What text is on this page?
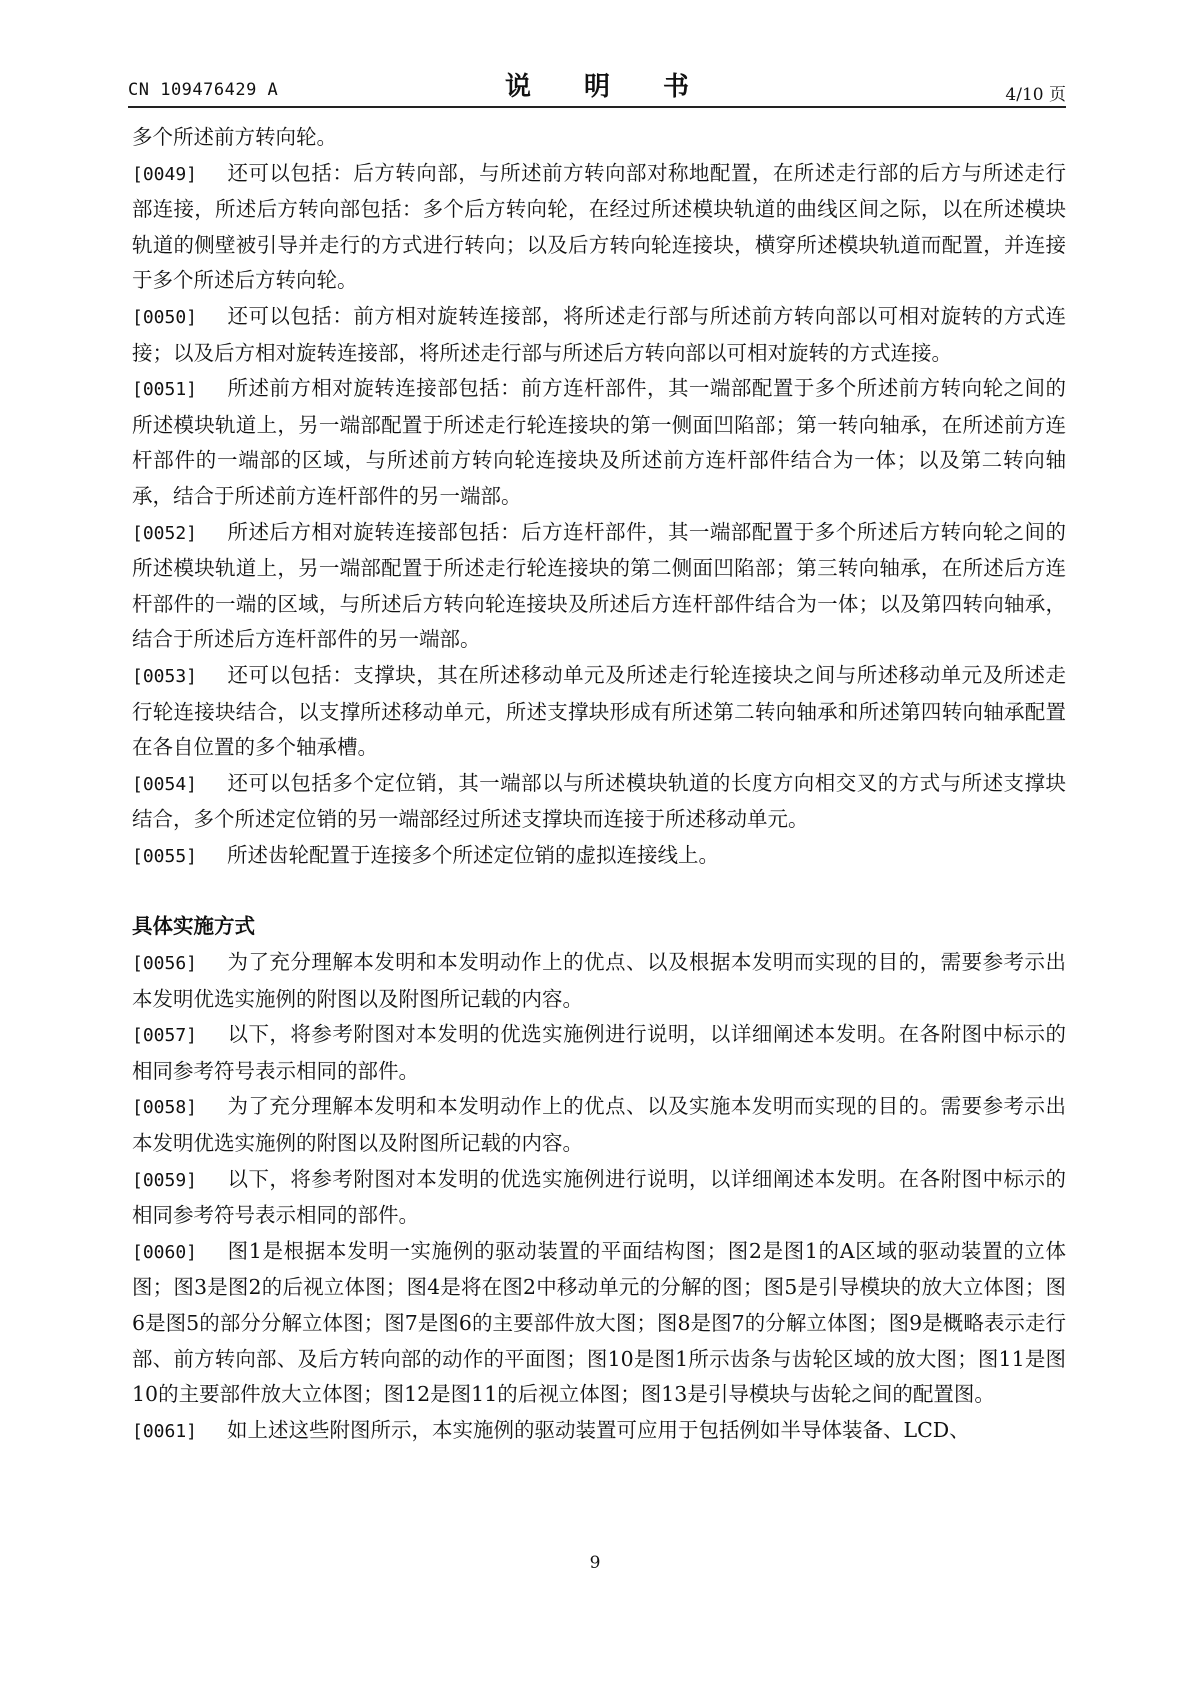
CN 109476429 A	说 明 书	4/10 页

多个所述前方转向轮。

[0049] 还可以包括：后方转向部，与所述前方转向部对称地配置，在所述走行部的后方与所述走行部连接，所述后方转向部包括：多个后方转向轮，在经过所述模块轨道的曲线区间之际，以在所述模块轨道的侧壁被引导并走行的方式进行转向；以及后方转向轮连接块，横穿所述模块轨道而配置，并连接于多个所述后方转向轮。

[0050] 还可以包括：前方相对旋转连接部，将所述走行部与所述前方转向部以可相对旋转的方式连接；以及后方相对旋转连接部，将所述走行部与所述后方转向部以可相对旋转的方式连接。

[0051] 所述前方相对旋转连接部包括：前方连杆部件，其一端部配置于多个所述前方转向轮之间的所述模块轨道上，另一端部配置于所述走行轮连接块的第一侧面凹陷部；第一转向轴承，在所述前方连杆部件的一端部的区域，与所述前方转向轮连接块及所述前方连杆部件结合为一体；以及第二转向轴承，结合于所述前方连杆部件的另一端部。

[0052] 所述后方相对旋转连接部包括：后方连杆部件，其一端部配置于多个所述后方转向轮之间的所述模块轨道上，另一端部配置于所述走行轮连接块的第二侧面凹陷部；第三转向轴承，在所述后方连杆部件的一端的区域，与所述后方转向轮连接块及所述后方连杆部件结合为一体；以及第四转向轴承，结合于所述后方连杆部件的另一端部。

[0053] 还可以包括：支撑块，其在所述移动单元及所述走行轮连接块之间与所述移动单元及所述走行轮连接块结合，以支撑所述移动单元，所述支撑块形成有所述第二转向轴承和所述第四转向轴承配置在各自位置的多个轴承槽。

[0054] 还可以包括多个定位销，其一端部以与所述模块轨道的长度方向相交叉的方式与所述支撑块结合，多个所述定位销的另一端部经过所述支撑块而连接于所述移动单元。

[0055] 所述齿轮配置于连接多个所述定位销的虚拟连接线上。

具体实施方式

[0056] 为了充分理解本发明和本发明动作上的优点、以及根据本发明而实现的目的，需要参考示出本发明优选实施例的附图以及附图所记载的内容。

[0057] 以下，将参考附图对本发明的优选实施例进行说明，以详细阐述本发明。在各附图中标示的相同参考符号表示相同的部件。

[0058] 为了充分理解本发明和本发明动作上的优点、以及实施本发明而实现的目的。需要参考示出本发明优选实施例的附图以及附图所记载的内容。

[0059] 以下，将参考附图对本发明的优选实施例进行说明，以详细阐述本发明。在各附图中标示的相同参考符号表示相同的部件。

[0060] 图1是根据本发明一实施例的驱动装置的平面结构图；图2是图1的A区域的驱动装置的立体图；图3是图2的后视立体图；图4是将在图2中移动单元的分解的图；图5是引导模块的放大立体图；图6是图5的部分分解立体图；图7是图6的主要部件放大图；图8是图7的分解立体图；图9是概略表示走行部、前方转向部、及后方转向部的动作的平面图；图10是图1所示齿条与齿轮区域的放大图；图11是图10的主要部件放大立体图；图12是图11的后视立体图；图13是引导模块与齿轮之间的配置图。

[0061] 如上述这些附图所示，本实施例的驱动装置可应用于包括例如半导体装备、LCD、

9
